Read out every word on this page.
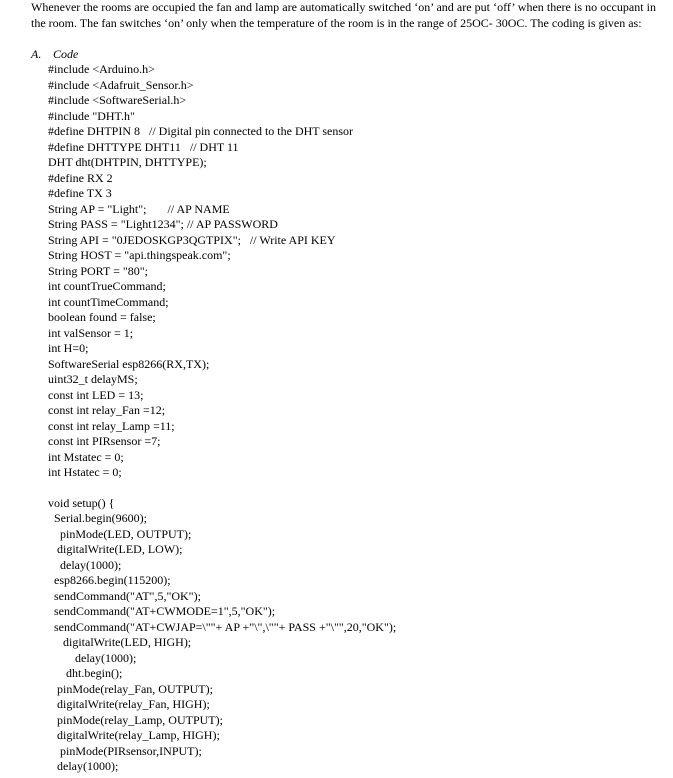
Whenever the rooms are occupied the fan and lamp are automatically switched ‘on’ and are put ‘off’ when there is no occupant in the room. The fan switches ‘on’ only when the temperature of the room is in the range of 25OC- 30OC. The coding is given as:

A. Code
#include <Arduino.h>
#include <Adafruit_Sensor.h>
#include <SoftwareSerial.h>
#include "DHT.h"
#define DHTPIN 8   // Digital pin connected to the DHT sensor
#define DHTTYPE DHT11   // DHT 11
DHT dht(DHTPIN, DHTTYPE);
#define RX 2
#define TX 3
String AP = "Light";       // AP NAME
String PASS = "Light1234"; // AP PASSWORD
String API = "0JEDOSKGP3QGTPIX";   // Write API KEY
String HOST = "api.thingspeak.com";
String PORT = "80";
int countTrueCommand;
int countTimeCommand;
boolean found = false;
int valSensor = 1;
int H=0;
SoftwareSerial esp8266(RX,TX);
uint32_t delayMS;
const int LED = 13;
const int relay_Fan =12;
const int relay_Lamp =11;
const int PIRsensor =7;
int Mstatec = 0;
int Hstatec = 0;
void setup() {
Serial.begin(9600);
pinMode(LED, OUTPUT);
digitalWrite(LED, LOW);
delay(1000);
esp8266.begin(115200);
sendCommand("AT",5,"OK");
sendCommand("AT+CWMODE=1",5,"OK");
sendCommand("AT+CWJAP=\""+ AP +"\",\""+ PASS +"\"",20,"OK");
digitalWrite(LED, HIGH);
delay(1000);
dht.begin();
pinMode(relay_Fan, OUTPUT);
digitalWrite(relay_Fan, HIGH);
pinMode(relay_Lamp, OUTPUT);
digitalWrite(relay_Lamp, HIGH);
pinMode(PIRsensor,INPUT);
delay(1000);
